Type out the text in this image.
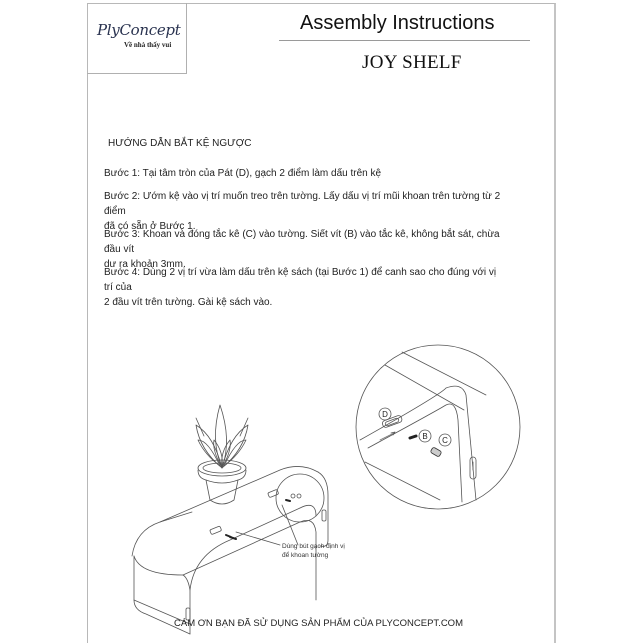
PlyConcept
Về nhà thấy vui
Assembly Instructions
JOY SHELF
HƯỚNG DẪN BẮT KỆ NGƯỢC
Bước 1: Tại tâm tròn của Pát (D), gạch 2 điểm làm dấu trên kệ
Bước 2: Ướm kệ vào vị trí muốn treo trên tường. Lấy dấu vị trí mũi khoan trên tường từ 2 điểm
đã có sẵn ở Bước 1.
Bước 3: Khoan và đóng tắc kê (C) vào tường. Siết vít (B) vào tắc kê, không bắt sát, chừa đầu vít
dư ra khoản 3mm.
Bước 4: Dùng 2 vị trí vừa làm dấu trên kệ sách (tại Bước 1) để canh sao cho đúng với vị trí của
2 đầu vít trên tường. Gài kệ sách vào.
D
B C
Dùng bút gạch định vị
để khoan tường
CÁM ƠN BẠN ĐÃ SỬ DỤNG SẢN PHẨM CỦA PLYCONCEPT.COM
